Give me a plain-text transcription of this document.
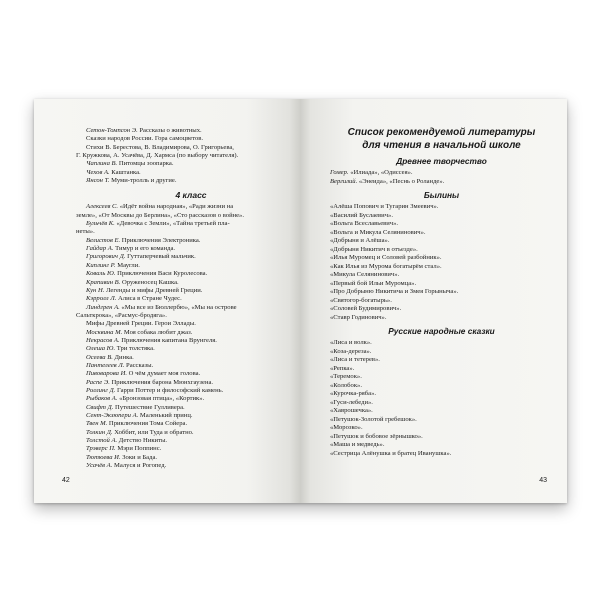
Сетон-Томпсон Э. Рассказы о животных.
Сказки народов России. Гора самоцветов.
Стихи В. Берестова, В. Владимирова, О. Григорьева,
Г. Кружкова, А. Усачёва, Д. Хармса (по выбору читателя).
Чаплина В. Питомцы зоопарка.
Чехов А. Каштанка.
Янсон Т. Муми-тролль и другие.
4 класс
Алексеев С. «Идёт война народная», «Ради жизни на
земле», «От Москвы до Берлина», «Сто рассказов о войне».
Бульчёв К. «Девочка с Земли», «Тайна третьей пла-
неты».
Велистов Е. Приключения Электроника.
Гайдар А. Тимур и его команда.
Григорович Д. Гуттаперчевый мальчик.
Киплинг Р. Маугли.
Коваль Ю. Приключения Васи Куролесова.
Крапивин В. Оруженосец Кашка.
Кун Н. Легенды и мифы Древней Греции.
Кэрролл Л. Алиса в Стране Чудес.
Линдгрен А. «Мы все из Бюллербю», «Мы на острове
Сальткрока», «Расмус-бродяга».
Мифы Древней Греции. Герои Эллады.
Москвина М. Моя собака любит джаз.
Некрасов А. Приключения капитана Врунгеля.
Олеша Ю. Три толстяка.
Осеева В. Динка.
Пантелеев Л. Рассказы.
Пивоварова И. О чём думает моя голова.
Распе Э. Приключения барона Мюнхгаузена.
Роллинг Д. Гарри Поттер и философский камень.
Рыбаков А. «Бронзовая птица», «Кортик».
Свифт Д. Путешествие Гулливера.
Сент-Экзюпери А. Маленький принц.
Твен М. Приключения Тома Сойера.
Толкин Д. Хоббит, или Туда и обратно.
Толстой А. Детство Никиты.
Трэверс П. Мэри Поппинс.
Тютюева И. Зоки и Бада.
Усачёв А. Малуся и Рогопед.
42
Список рекомендуемой литературы
для чтения в начальной школе
Древнее творчество
Гомер. «Илиада», «Одиссея».
Вергилий. «Энеида», «Песнь о Роланде».
Былины
«Алёша Попович и Тугарин Змеевич».
«Василий Буслаевич».
«Вольга Всеславьевич».
«Вольга и Микула Селянинович».
«Добрыня и Алёша».
«Добрыня Никитич в отъезде».
«Илья Муромец и Соловей разбойник».
«Как Илья из Мурома богатырём стал».
«Микула Селянинович».
«Первый бой Ильи Муромца».
«Про Добрыню Никитича и Змея Горыныча».
«Святогор-богатырь».
«Соловей Будимирович».
«Ставр Годинович».
Русские народные сказки
«Лиса и волк».
«Коза-дереза».
«Лиса и тетерев».
«Репка».
«Теремок».
«Колобок».
«Курочка-ряба».
«Гуси-лебеди».
«Хаврошечка».
«Петушок-Золотой гребешок».
«Морозко».
«Петушок и бобовое зёрнышко».
«Маша и медведь».
«Сестрица Алёнушка и братец Иванушка».
43
